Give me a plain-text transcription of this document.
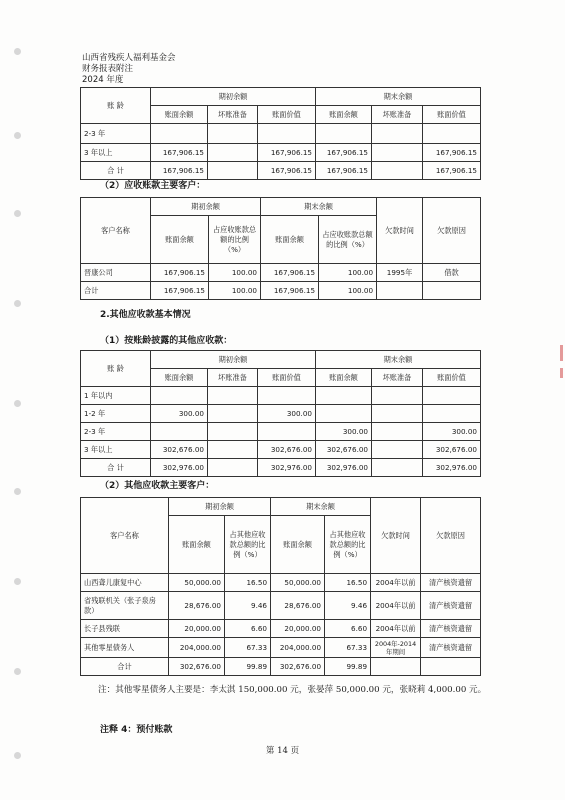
山西省残疾人福利基金会
财务报表附注
2024 年度
账 龄	期初余额			期末余额		
	账面余额	坏账准备	账面价值	账面余额	坏账准备	账面价值
2-3 年						
3 年以上	167,906.15		167,906.15	167,906.15		167,906.15
合 计	167,906.15		167,906.15	167,906.15		167,906.15
（2）应收账款主要客户：
客户名称	期初余额		期末余额		欠款时间	欠款原因
	账面余额	占应收账款总额的比例（%）	账面余额	占应收账款总额的比例（%）		
晋康公司	167,906.15	100.00	167,906.15	100.00	1995年	借款
合计	167,906.15	100.00	167,906.15	100.00		
2.其他应收款基本情况
（1）按账龄披露的其他应收款：
账 龄	期初余额			期末余额		
	账面余额	坏账准备	账面价值	账面余额	坏账准备	账面价值
1 年以内						
1-2 年	300.00		300.00			
2-3 年				300.00		300.00
3 年以上	302,676.00		302,676.00	302,676.00		302,676.00
合 计	302,976.00		302,976.00	302,976.00		302,976.00
（2）其他应收款主要客户：
客户名称	期初余额		期末余额		欠款时间	欠款原因
	账面余额	占其他应收款总额的比例（%）	账面余额	占其他应收款总额的比例（%）		
山西聋儿康复中心	50,000.00	16.50	50,000.00	16.50	2004年以前	清产核资遗留
省残联机关（张子泉房款）	28,676.00	9.46	28,676.00	9.46	2004年以前	清产核资遗留
长子县残联	20,000.00	6.60	20,000.00	6.60	2004年以前	清产核资遗留
其他零星债务人	204,000.00	67.33	204,000.00	67.33	2004年-2014年期间	清产核资遗留
合计	302,676.00	99.89	302,676.00	99.89		
注：其他零星债务人主要是：李太淇 150,000.00 元，张晏萍 50,000.00 元，张晓莉 4,000.00 元。
注释 4：预付账款
第 14 页
